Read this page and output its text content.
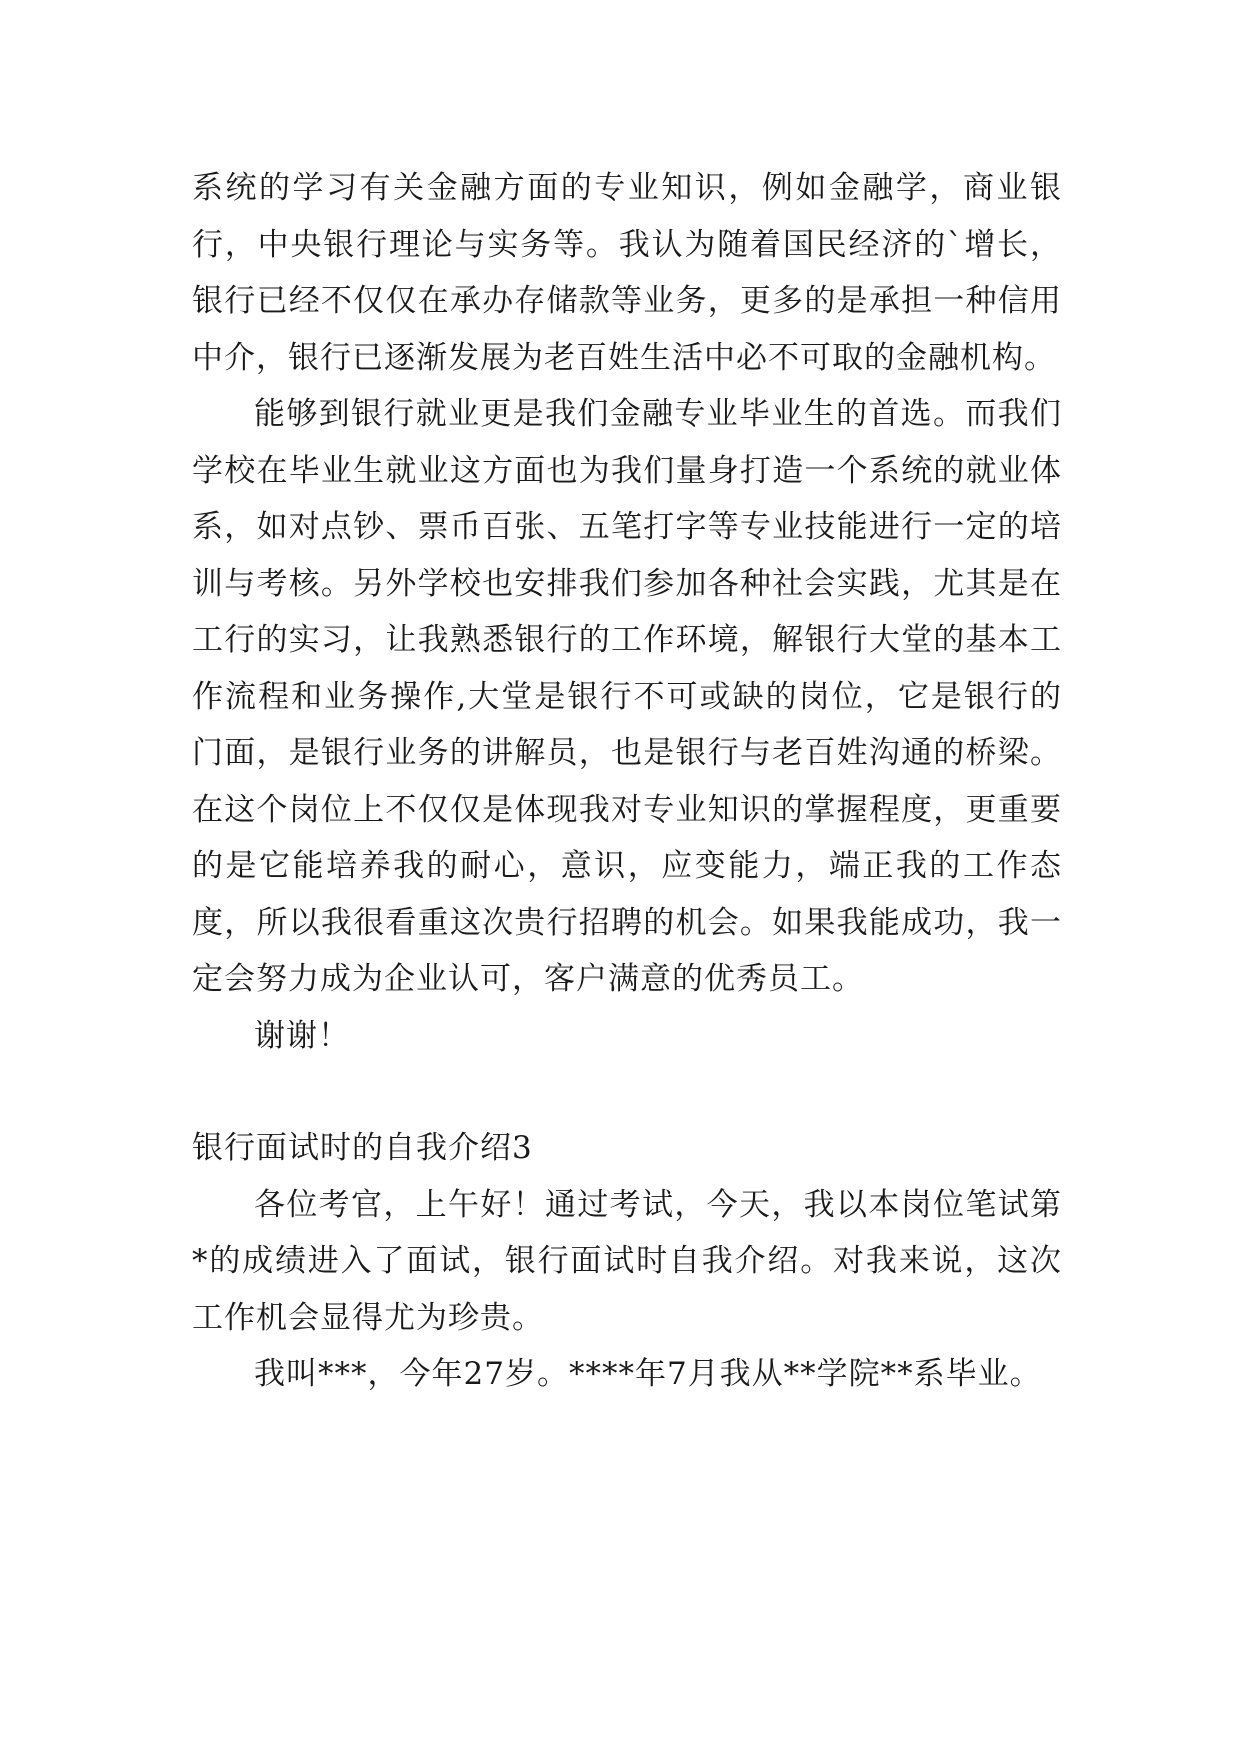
系统的学习有关金融方面的专业知识，例如金融学，商业银行，中央银行理论与实务等。我认为随着国民经济的`增长，银行已经不仅仅在承办存储款等业务，更多的是承担一种信用中介，银行已逐渐发展为老百姓生活中必不可取的金融机构。

能够到银行就业更是我们金融专业毕业生的首选。而我们学校在毕业生就业这方面也为我们量身打造一个系统的就业体系，如对点钞、票币百张、五笔打字等专业技能进行一定的培训与考核。另外学校也安排我们参加各种社会实践，尤其是在工行的实习，让我熟悉银行的工作环境，解银行大堂的基本工作流程和业务操作,大堂是银行不可或缺的岗位，它是银行的门面，是银行业务的讲解员，也是银行与老百姓沟通的桥梁。在这个岗位上不仅仅是体现我对专业知识的掌握程度，更重要的是它能培养我的耐心，意识，应变能力，端正我的工作态度，所以我很看重这次贵行招聘的机会。如果我能成功，我一定会努力成为企业认可，客户满意的优秀员工。

谢谢！

银行面试时的自我介绍3

各位考官，上午好！通过考试，今天，我以本岗位笔试第*的成绩进入了面试，银行面试时自我介绍。对我来说，这次工作机会显得尤为珍贵。

我叫***，今年27岁。****年7月我从**学院**系毕业。
